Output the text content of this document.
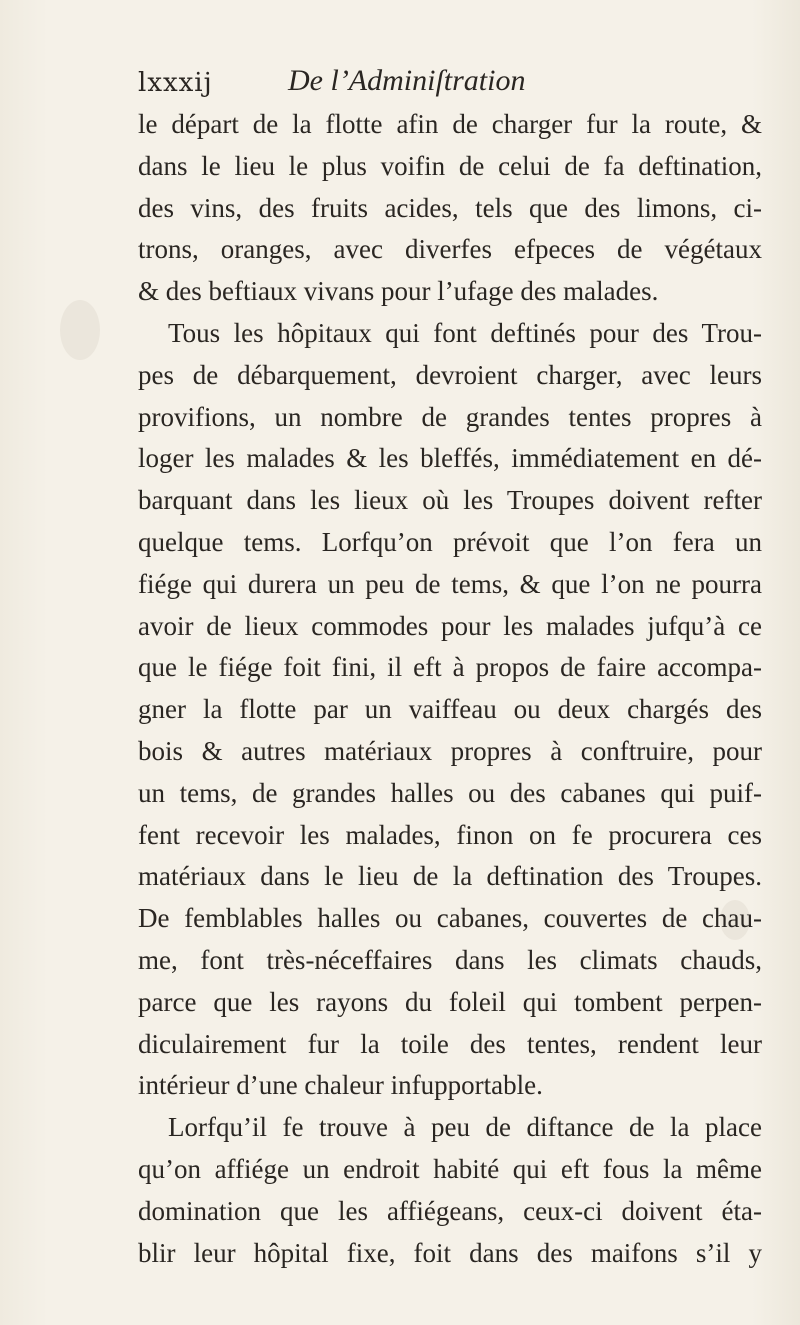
lxxxij	De l’Adminiſtration
le départ de la flotte afin de charger fur la route, &
dans le lieu le plus voifin de celui de fa deftination,
des vins, des fruits acides, tels que des limons, ci-
trons, oranges, avec diverfes efpeces de végétaux
& des beftiaux vivans pour l’ufage des malades.
Tous les hôpitaux qui font deftinés pour des Trou-
pes de débarquement, devroient charger, avec leurs
provifions, un nombre de grandes tentes propres à
loger les malades & les bleffés, immédiatement en dé-
barquant dans les lieux où les Troupes doivent refter
quelque tems. Lorfqu’on prévoit que l’on fera un
fiége qui durera un peu de tems, & que l’on ne pourra
avoir de lieux commodes pour les malades jufqu’à ce
que le fiége foit fini, il eft à propos de faire accompa-
gner la flotte par un vaiffeau ou deux chargés des
bois & autres matériaux propres à conftruire, pour
un tems, de grandes halles ou des cabanes qui puif-
fent recevoir les malades, finon on fe procurera ces
matériaux dans le lieu de la deftination des Troupes.
De femblables halles ou cabanes, couvertes de chau-
me, font très-néceffaires dans les climats chauds,
parce que les rayons du foleil qui tombent perpen-
diculairement fur la toile des tentes, rendent leur
intérieur d’une chaleur infupportable.
Lorfqu’il fe trouve à peu de diftance de la place
qu’on affiége un endroit habité qui eft fous la même
domination que les affiégeans, ceux-ci doivent éta-
blir leur hôpital fixe, foit dans des maifons s’il y
